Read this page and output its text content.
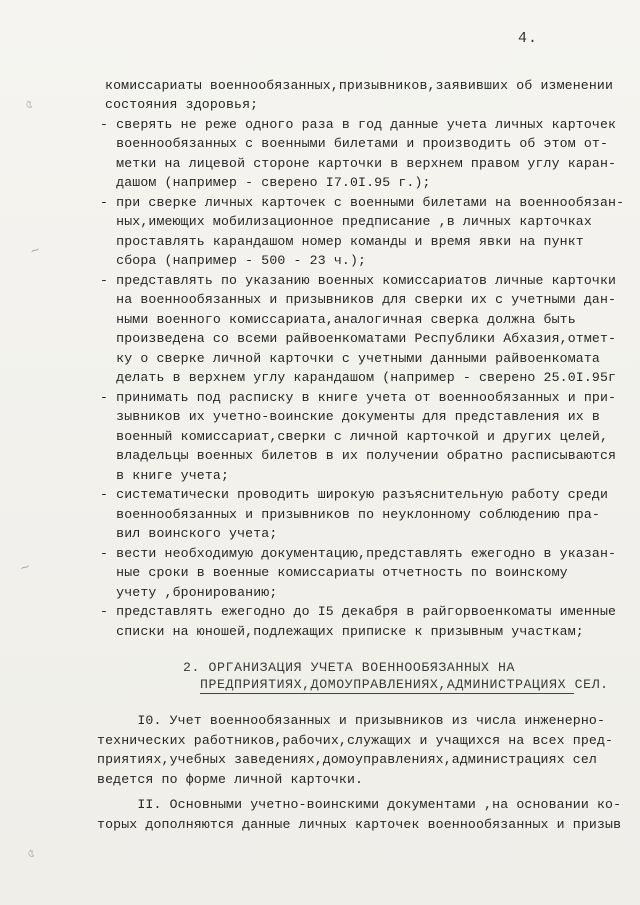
4.
৫
~
~
৫
комиссариаты военнообязанных,призывников,заявивших об изменении
состояния здоровья;
- сверять не реже одного раза в год данные учета личных карточек
военнообязанных с военными билетами и производить об этом от-
метки на лицевой стороне карточки в верхнем правом углу каран-
дашом (например - сверено I7.0I.95 г.);
- при сверке личных карточек с военными билетами на военнообязан-
ных,имеющих мобилизационное предписание ,в личных карточках
проставлять карандашом номер команды и время явки на пункт
сбора (например - 500 - 23 ч.);
- представлять по указанию военных комиссариатов личные карточки
на военнообязанных и призывников для сверки их с учетными дан-
ными военного комиссариата,аналогичная сверка должна быть
произведена со всеми райвоенкоматами Республики Абхазия,отмет-
ку о сверке личной карточки с учетными данными райвоенкомата
делать в верхнем углу карандашом (например - сверено 25.0I.95г
- принимать под расписку в книге учета от военнообязанных и при-
зывников их учетно-воинские документы для представления их в
военный комиссариат,сверки с личной карточкой и других целей,
владельцы военных билетов в их получении обратно расписываются
в книге учета;
- систематически проводить широкую разъяснительную работу среди
военнообязанных и призывников по неуклонному соблюдению пра-
вил воинского учета;
- вести необходимую документацию,представлять ежегодно в указан-
ные сроки в военные комиссариаты отчетность по воинскому
учету ,бронированию;
- представлять ежегодно до I5 декабря в райгорвоенкоматы именные
списки на юношей,подлежащих приписке к призывным участкам;
2. ОРГАНИЗАЦИЯ УЧЕТА ВОЕННООБЯЗАННЫХ НА
ПРЕДПРИЯТИЯХ,ДОМОУПРАВЛЕНИЯХ,АДМИНИСТРАЦИЯХ СЕЛ.
I0. Учет военнообязанных и призывников из числа инженерно-
технических работников,рабочих,служащих и учащихся на всех пред-
приятиях,учебных заведениях,домоуправлениях,администрациях сел
ведется по форме личной карточки.
II. Основными учетно-воинскими документами ,на основании ко-
торых дополняются данные личных карточек военнообязанных и призыв
